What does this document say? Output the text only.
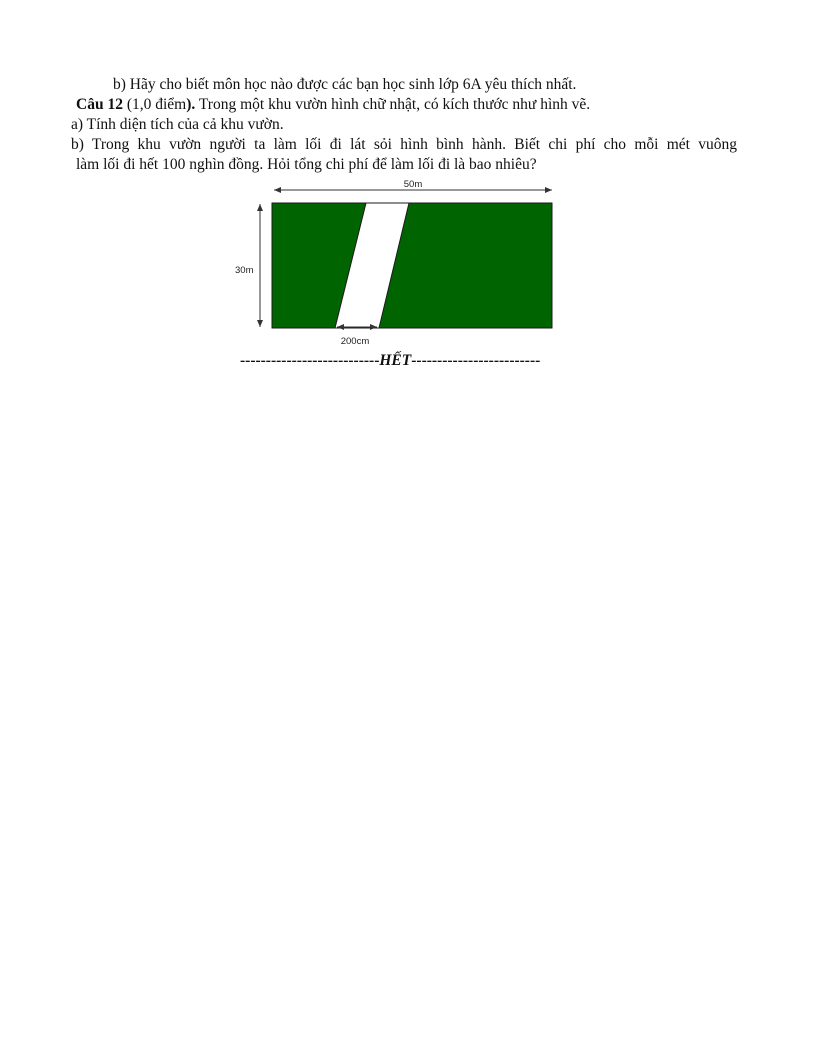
b) Hãy cho biết môn học nào được các bạn học sinh lớp 6A yêu thích nhất.
Câu 12 (1,0 điểm). Trong một khu vườn hình chữ nhật, có kích thước như hình vẽ.
a) Tính diện tích của cả khu vườn.
b) Trong khu vườn người ta làm lối đi lát sỏi hình bình hành. Biết chi phí cho mỗi mét vuông
làm lối đi hết 100 nghìn đồng. Hỏi tổng chi phí để làm lối đi là bao nhiêu?
50m
30m
200cm
---------------------------HẾT-------------------------
